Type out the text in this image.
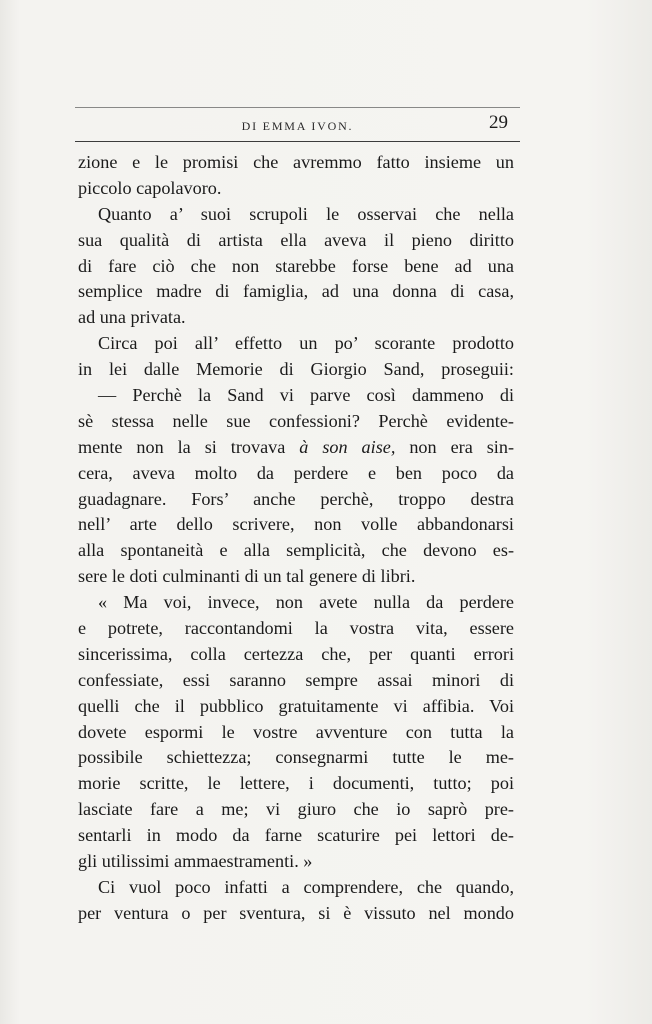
DI EMMA IVON.	29
zione e le promisi che avremmo fatto insieme un
piccolo capolavoro.
Quanto a’ suoi scrupoli le osservai che nella
sua qualità di artista ella aveva il pieno diritto
di fare ciò che non starebbe forse bene ad una
semplice madre di famiglia, ad una donna di casa,
ad una privata.
Circa poi all’ effetto un po’ scorante prodotto
in lei dalle Memorie di Giorgio Sand, proseguii:
— Perchè la Sand vi parve così dammeno di
sè stessa nelle sue confessioni? Perchè evidente-
mente non la si trovava à son aise, non era sin-
cera, aveva molto da perdere e ben poco da
guadagnare. Fors’ anche perchè, troppo destra
nell’ arte dello scrivere, non volle abbandonarsi
alla spontaneità e alla semplicità, che devono es-
sere le doti culminanti di un tal genere di libri.
« Ma voi, invece, non avete nulla da perdere
e potrete, raccontandomi la vostra vita, essere
sincerissima, colla certezza che, per quanti errori
confessiate, essi saranno sempre assai minori di
quelli che il pubblico gratuitamente vi affibia. Voi
dovete espormi le vostre avventure con tutta la
possibile schiettezza; consegnarmi tutte le me-
morie scritte, le lettere, i documenti, tutto; poi
lasciate fare a me; vi giuro che io saprò pre-
sentarli in modo da farne scaturire pei lettori de-
gli utilissimi ammaestramenti. »
Ci vuol poco infatti a comprendere, che quando,
per ventura o per sventura, si è vissuto nel mondo
